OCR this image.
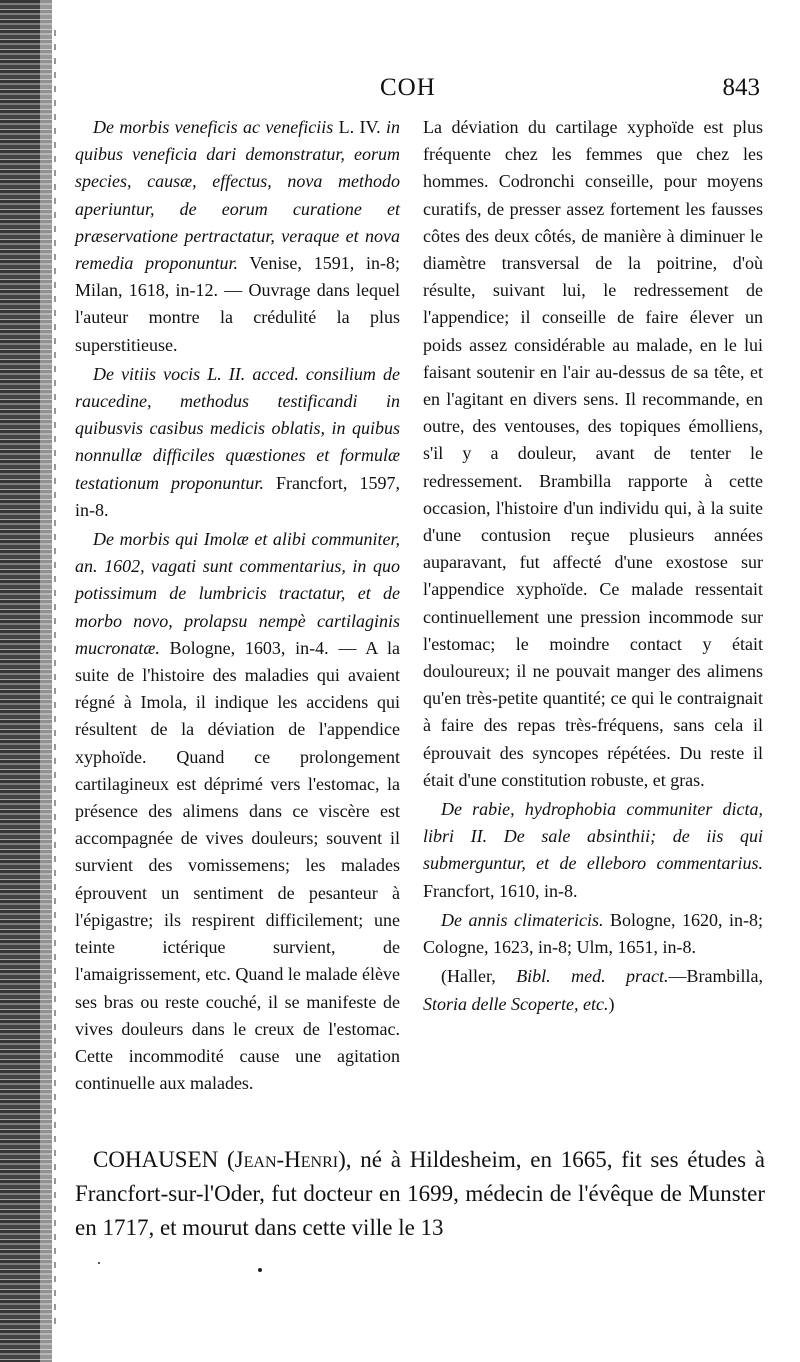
COH	843

De morbis veneficis ac veneficiis L. IV. in quibus veneficia dari demonstratur, eorum species, causæ, effectus, nova methodo aperiuntur, de eorum curatione et præservatione pertractatur, veraque et nova remedia proponuntur. Venise, 1591, in-8; Milan, 1618, in-12. — Ouvrage dans lequel l'auteur montre la crédulité la plus superstitieuse.

De vitiis vocis L. II. acced. consilium de raucedine, methodus testificandi in quibusvis casibus medicis oblatis, in quibus nonnullæ difficiles quæstiones et formulæ testationum proponuntur. Francfort, 1597, in-8.

De morbis qui Imolæ et alibi communiter, an. 1602, vagati sunt commentarius, in quo potissimum de lumbricis tractatur, et de morbo novo, prolapsu nempè cartilaginis mucronatæ. Bologne, 1603, in-4. — A la suite de l'histoire des maladies qui avaient régné à Imola, il indique les accidens qui résultent de la déviation de l'appendice xyphoïde. Quand ce prolongement cartilagineux est déprimé vers l'estomac, la présence des alimens dans ce viscère est accompagnée de vives douleurs; souvent il survient des vomissemens; les malades éprouvent un sentiment de pesanteur à l'épigastre; ils respirent difficilement; une teinte ictérique survient, de l'amaigrissement, etc. Quand le malade élève ses bras ou reste couché, il se manifeste de vives douleurs dans le creux de l'estomac. Cette incommodité cause une agitation continuelle aux malades.

La déviation du cartilage xyphoïde est plus fréquente chez les femmes que chez les hommes. Codronchi conseille, pour moyens curatifs, de presser assez fortement les fausses côtes des deux côtés, de manière à diminuer le diamètre transversal de la poitrine, d'où résulte, suivant lui, le redressement de l'appendice; il conseille de faire élever un poids assez considérable au malade, en le lui faisant soutenir en l'air au-dessus de sa tête, et en l'agitant en divers sens. Il recommande, en outre, des ventouses, des topiques émolliens, s'il y a douleur, avant de tenter le redressement. Brambilla rapporte à cette occasion, l'histoire d'un individu qui, à la suite d'une contusion reçue plusieurs années auparavant, fut affecté d'une exostose sur l'appendice xyphoïde. Ce malade ressentait continuellement une pression incommode sur l'estomac; le moindre contact y était douloureux; il ne pouvait manger des alimens qu'en très-petite quantité; ce qui le contraignait à faire des repas très-fréquens, sans cela il éprouvait des syncopes répétées. Du reste il était d'une constitution robuste, et gras.

De rabie, hydrophobia communiter dicta, libri II. De sale absinthii; de iis qui submerguntur, et de elleboro commentarius. Francfort, 1610, in-8.

De annis climatericis. Bologne, 1620, in-8; Cologne, 1623, in-8; Ulm, 1651, in-8.

(Haller, Bibl. med. pract.—Brambilla, Storia delle Scoperte, etc.)

COHAUSEN (Jean-Henri), né à Hildesheim, en 1665, fit ses études à Francfort-sur-l'Oder, fut docteur en 1699, médecin de l'évêque de Munster en 1717, et mourut dans cette ville le 13
